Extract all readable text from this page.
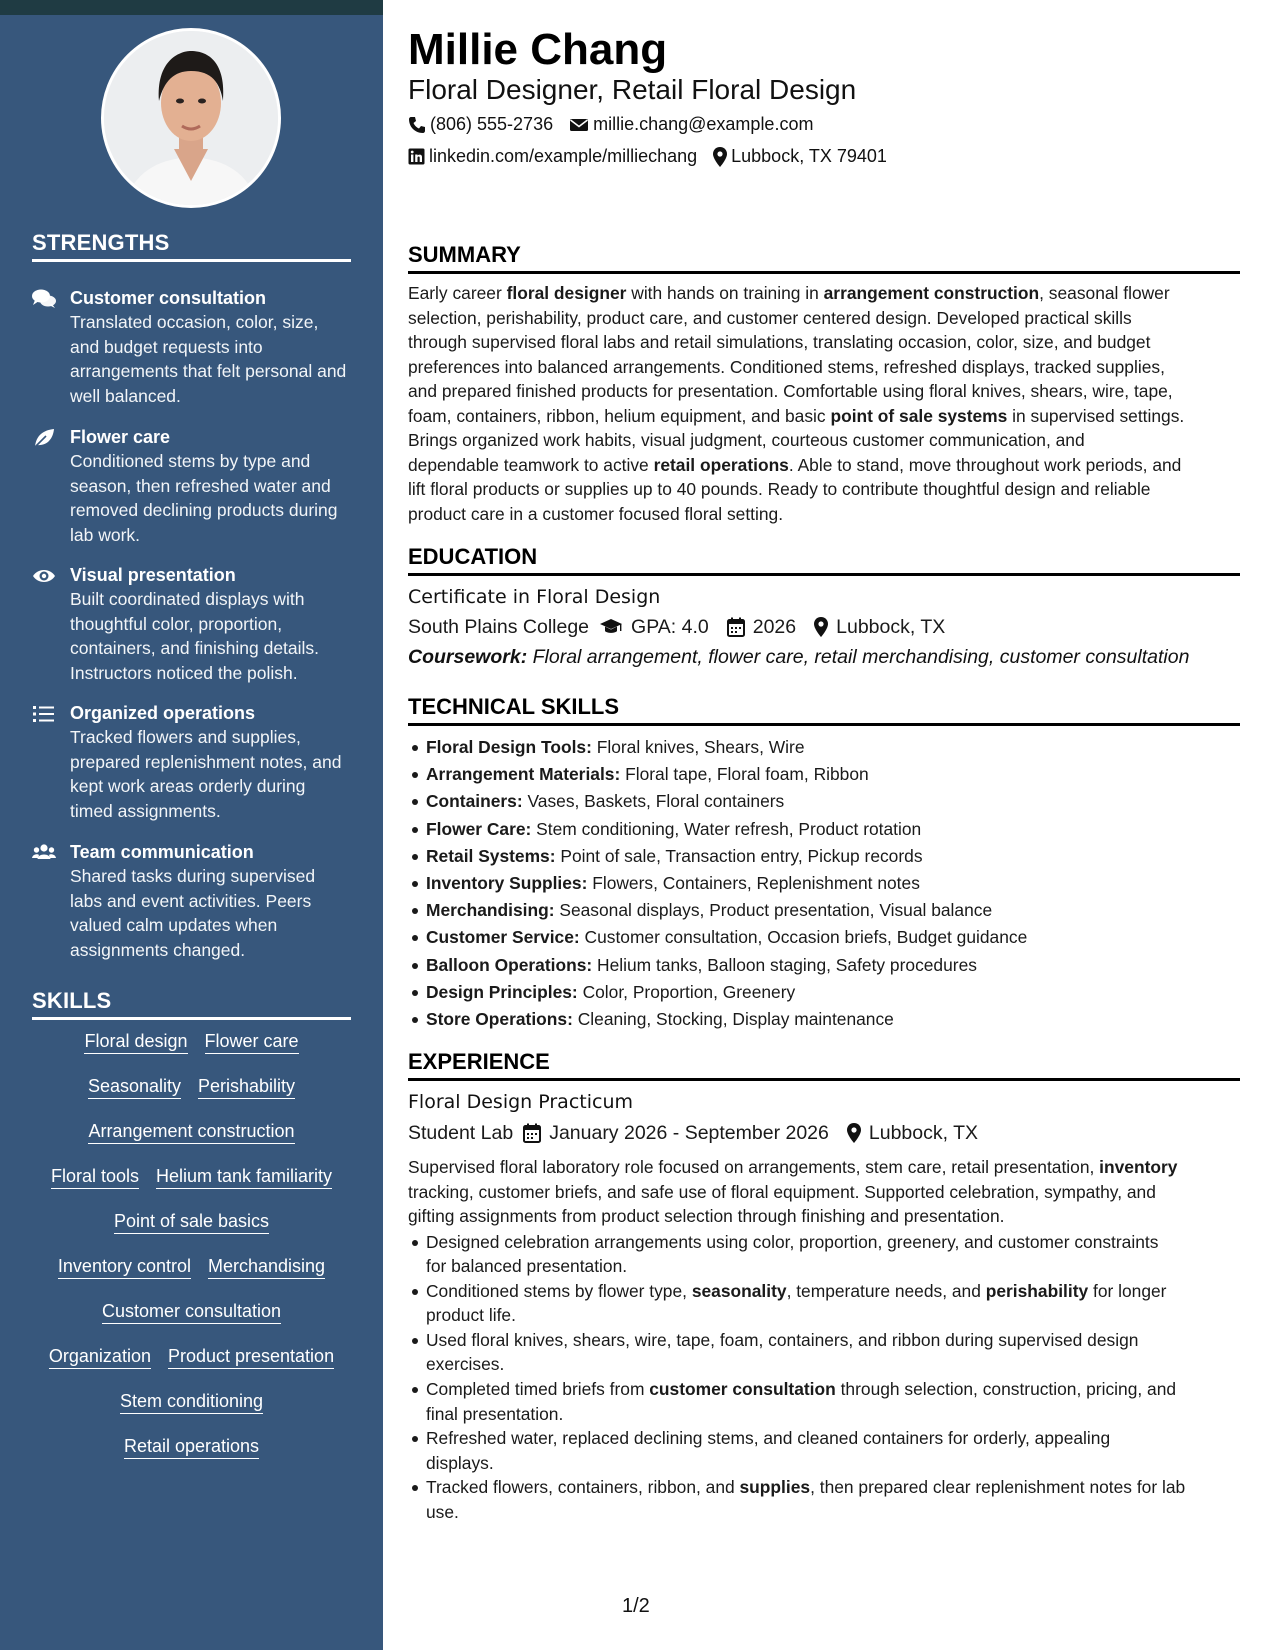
STRENGTHS
Customer consultation
Translated occasion, color, size, and budget requests into arrangements that felt personal and well balanced.
Flower care
Conditioned stems by type and season, then refreshed water and removed declining products during lab work.
Visual presentation
Built coordinated displays with thoughtful color, proportion, containers, and finishing details. Instructors noticed the polish.
Organized operations
Tracked flowers and supplies, prepared replenishment notes, and kept work areas orderly during timed assignments.
Team communication
Shared tasks during supervised labs and event activities. Peers valued calm updates when assignments changed.
SKILLS
Floral design Flower care
Seasonality Perishability
Arrangement construction
Floral tools Helium tank familiarity
Point of sale basics
Inventory control Merchandising
Customer consultation
Organization Product presentation
Stem conditioning
Retail operations
Millie Chang
Floral Designer, Retail Floral Design
(806) 555-2736 millie.chang@example.com
linkedin.com/example/milliechang Lubbock, TX 79401
SUMMARY
Early career floral designer with hands on training in arrangement construction, seasonal flower
selection, perishability, product care, and customer centered design. Developed practical skills
through supervised floral labs and retail simulations, translating occasion, color, size, and budget
preferences into balanced arrangements. Conditioned stems, refreshed displays, tracked supplies,
and prepared finished products for presentation. Comfortable using floral knives, shears, wire, tape,
foam, containers, ribbon, helium equipment, and basic point of sale systems in supervised settings.
Brings organized work habits, visual judgment, courteous customer communication, and
dependable teamwork to active retail operations. Able to stand, move throughout work periods, and
lift floral products or supplies up to 40 pounds. Ready to contribute thoughtful design and reliable
product care in a customer focused floral setting.
EDUCATION
Certificate in Floral Design
South Plains College GPA: 4.0 2026 Lubbock, TX
Coursework: Floral arrangement, flower care, retail merchandising, customer consultation
TECHNICAL SKILLS
Floral Design Tools: Floral knives, Shears, Wire
Arrangement Materials: Floral tape, Floral foam, Ribbon
Containers: Vases, Baskets, Floral containers
Flower Care: Stem conditioning, Water refresh, Product rotation
Retail Systems: Point of sale, Transaction entry, Pickup records
Inventory Supplies: Flowers, Containers, Replenishment notes
Merchandising: Seasonal displays, Product presentation, Visual balance
Customer Service: Customer consultation, Occasion briefs, Budget guidance
Balloon Operations: Helium tanks, Balloon staging, Safety procedures
Design Principles: Color, Proportion, Greenery
Store Operations: Cleaning, Stocking, Display maintenance
EXPERIENCE
Floral Design Practicum
Student Lab January 2026 - September 2026 Lubbock, TX
Supervised floral laboratory role focused on arrangements, stem care, retail presentation, inventory
tracking, customer briefs, and safe use of floral equipment. Supported celebration, sympathy, and
gifting assignments from product selection through finishing and presentation.
Designed celebration arrangements using color, proportion, greenery, and customer constraints
for balanced presentation.
Conditioned stems by flower type, seasonality, temperature needs, and perishability for longer
product life.
Used floral knives, shears, wire, tape, foam, containers, and ribbon during supervised design
exercises.
Completed timed briefs from customer consultation through selection, construction, pricing, and
final presentation.
Refreshed water, replaced declining stems, and cleaned containers for orderly, appealing
displays.
Tracked flowers, containers, ribbon, and supplies, then prepared clear replenishment notes for lab
use.
1/2
